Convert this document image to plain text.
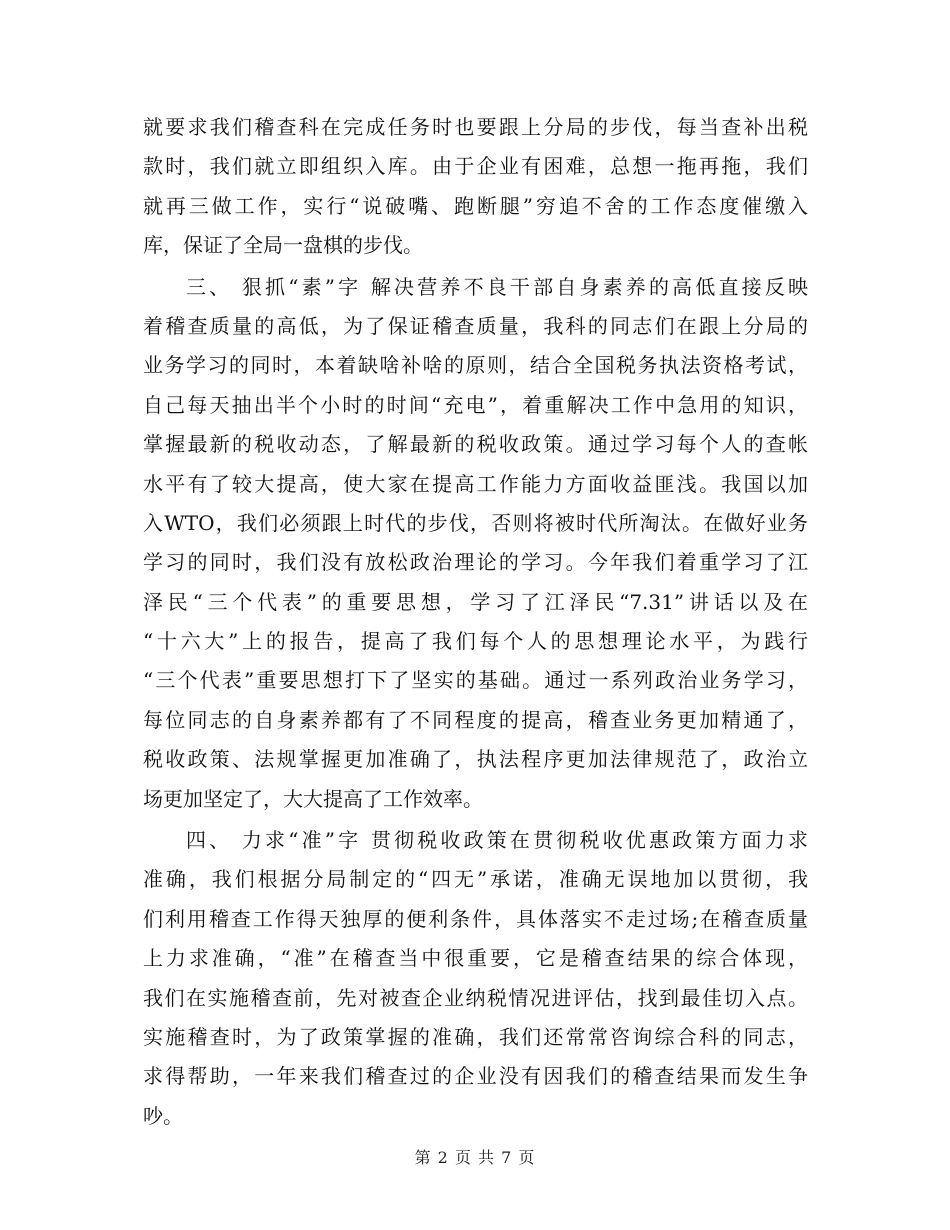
就要求我们稽查科在完成任务时也要跟上分局的步伐，每当查补出税
款时，我们就立即组织入库。由于企业有困难，总想一拖再拖，我们
就再三做工作，实行“说破嘴、跑断腿”穷追不舍的工作态度催缴入
库，保证了全局一盘棋的步伐。
三、 狠抓“素”字 解决营养不良干部自身素养的高低直接反映
着稽查质量的高低，为了保证稽查质量，我科的同志们在跟上分局的
业务学习的同时，本着缺啥补啥的原则，结合全国税务执法资格考试，
自己每天抽出半个小时的时间“充电”，着重解决工作中急用的知识，
掌握最新的税收动态，了解最新的税收政策。通过学习每个人的查帐
水平有了较大提高，使大家在提高工作能力方面收益匪浅。我国以加
入WTO，我们必须跟上时代的步伐，否则将被时代所淘汰。在做好业务
学习的同时，我们没有放松政治理论的学习。今年我们着重学习了江
泽民“三个代表”的重要思想，学习了江泽民“7.31”讲话以及在
“十六大”上的报告，提高了我们每个人的思想理论水平，为践行
“三个代表”重要思想打下了坚实的基础。通过一系列政治业务学习，
每位同志的自身素养都有了不同程度的提高，稽查业务更加精通了，
税收政策、法规掌握更加准确了，执法程序更加法律规范了，政治立
场更加坚定了，大大提高了工作效率。
四、 力求“准”字 贯彻税收政策在贯彻税收优惠政策方面力求
准确，我们根据分局制定的“四无”承诺，准确无误地加以贯彻，我
们利用稽查工作得天独厚的便利条件，具体落实不走过场;在稽查质量
上力求准确，“准”在稽查当中很重要，它是稽查结果的综合体现，
我们在实施稽查前，先对被查企业纳税情况进评估，找到最佳切入点。
实施稽查时，为了政策掌握的准确，我们还常常咨询综合科的同志，
求得帮助，一年来我们稽查过的企业没有因我们的稽查结果而发生争
吵。
第 2 页 共 7 页
